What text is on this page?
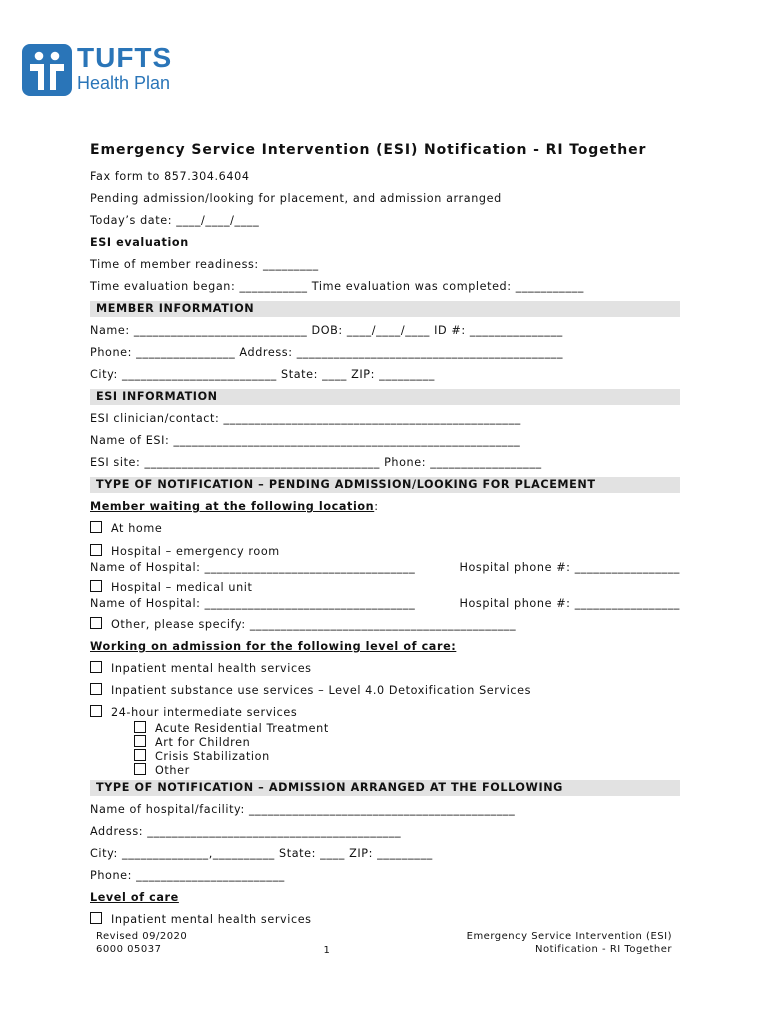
TUFTS
Health Plan
Emergency Service Intervention (ESI) Notification - RI Together
Fax form to 857.304.6404
Pending admission/looking for placement, and admission arranged
Today’s date: ____/____/____
ESI evaluation
Time of member readiness: _________
Time evaluation began: ___________ Time evaluation was completed: ___________
MEMBER INFORMATION
Name: ____________________________ DOB: ____/____/____ ID #: _______________
Phone: ________________ Address: ___________________________________________
City: _________________________ State: ____ ZIP: _________
ESI INFORMATION
ESI clinician/contact: ________________________________________________
Name of ESI: ________________________________________________________
ESI site: ______________________________________ Phone: __________________
TYPE OF NOTIFICATION – PENDING ADMISSION/LOOKING FOR PLACEMENT
Member waiting at the following location:
At home
Hospital – emergency room
Name of Hospital: __________________________________	Hospital phone #: _________________
Hospital – medical unit
Name of Hospital: __________________________________	Hospital phone #: _________________
Other, please specify: ___________________________________________
Working on admission for the following level of care:
Inpatient mental health services
Inpatient substance use services – Level 4.0 Detoxification Services
24-hour intermediate services
Acute Residential Treatment
Art for Children
Crisis Stabilization
Other
TYPE OF NOTIFICATION – ADMISSION ARRANGED AT THE FOLLOWING
Name of hospital/facility: ___________________________________________
Address: _________________________________________
City: ______________,__________ State: ____ ZIP: _________
Phone: ________________________
Level of care
Inpatient mental health services
Revised 09/2020
6000 05037	1
Emergency Service Intervention (ESI)
Notification - RI Together
